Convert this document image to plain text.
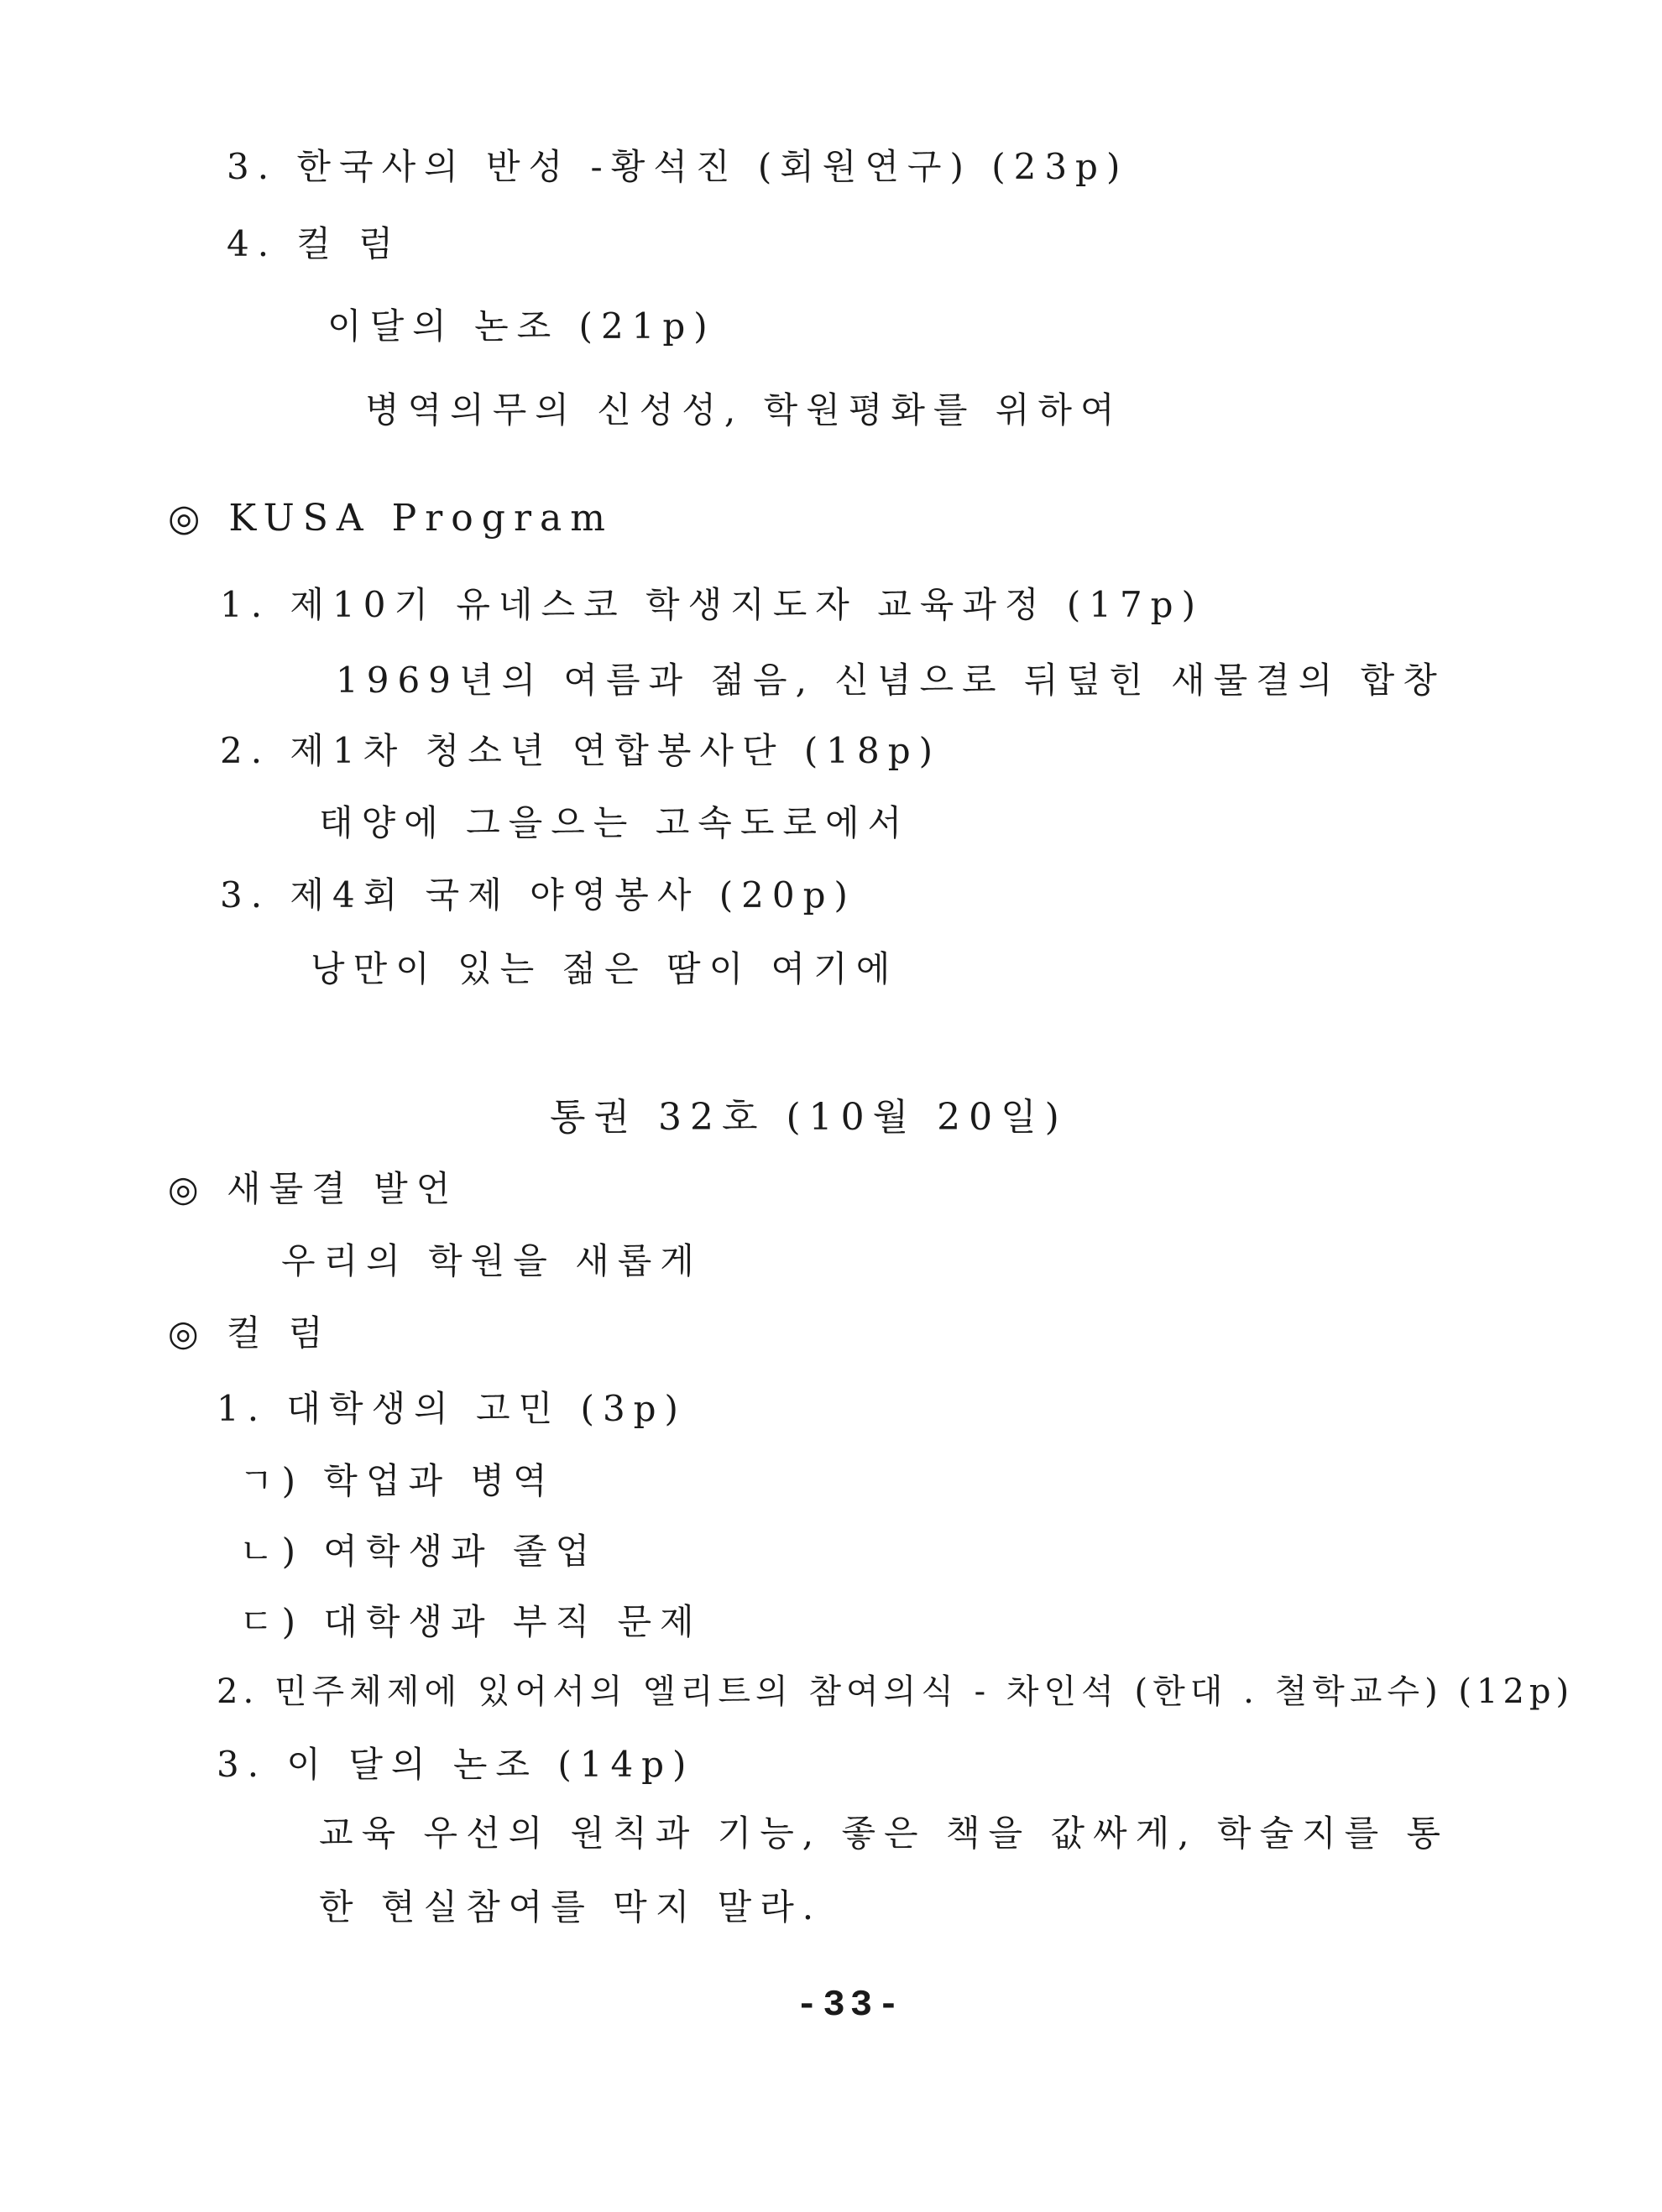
3. 한국사의 반성 -황석진 (회원연구) (23p)
4. 컬 럼
이달의 논조 (21p)
병역의무의 신성성, 학원평화를 위하여
◎ KUSA Program
1. 제10기 유네스코 학생지도자 교육과정 (17p)
1969년의 여름과 젊음, 신념으로 뒤덮힌 새물결의 합창
2. 제1차 청소년 연합봉사단 (18p)
태양에 그을으는 고속도로에서
3. 제4회 국제 야영봉사 (20p)
낭만이 있는 젊은 땀이 여기에
통권 32호 (10월 20일)
◎ 새물결 발언
우리의 학원을 새롭게
◎ 컬 럼
1. 대학생의 고민 (3p)
ㄱ) 학업과 병역
ㄴ) 여학생과 졸업
ㄷ) 대학생과 부직 문제
2. 민주체제에 있어서의 엘리트의 참여의식 - 차인석 (한대 . 철학교수) (12p)
3. 이 달의 논조 (14p)
교육 우선의 원칙과 기능, 좋은 책을 값싸게, 학술지를 통
한 현실참여를 막지 말라.
-33-
